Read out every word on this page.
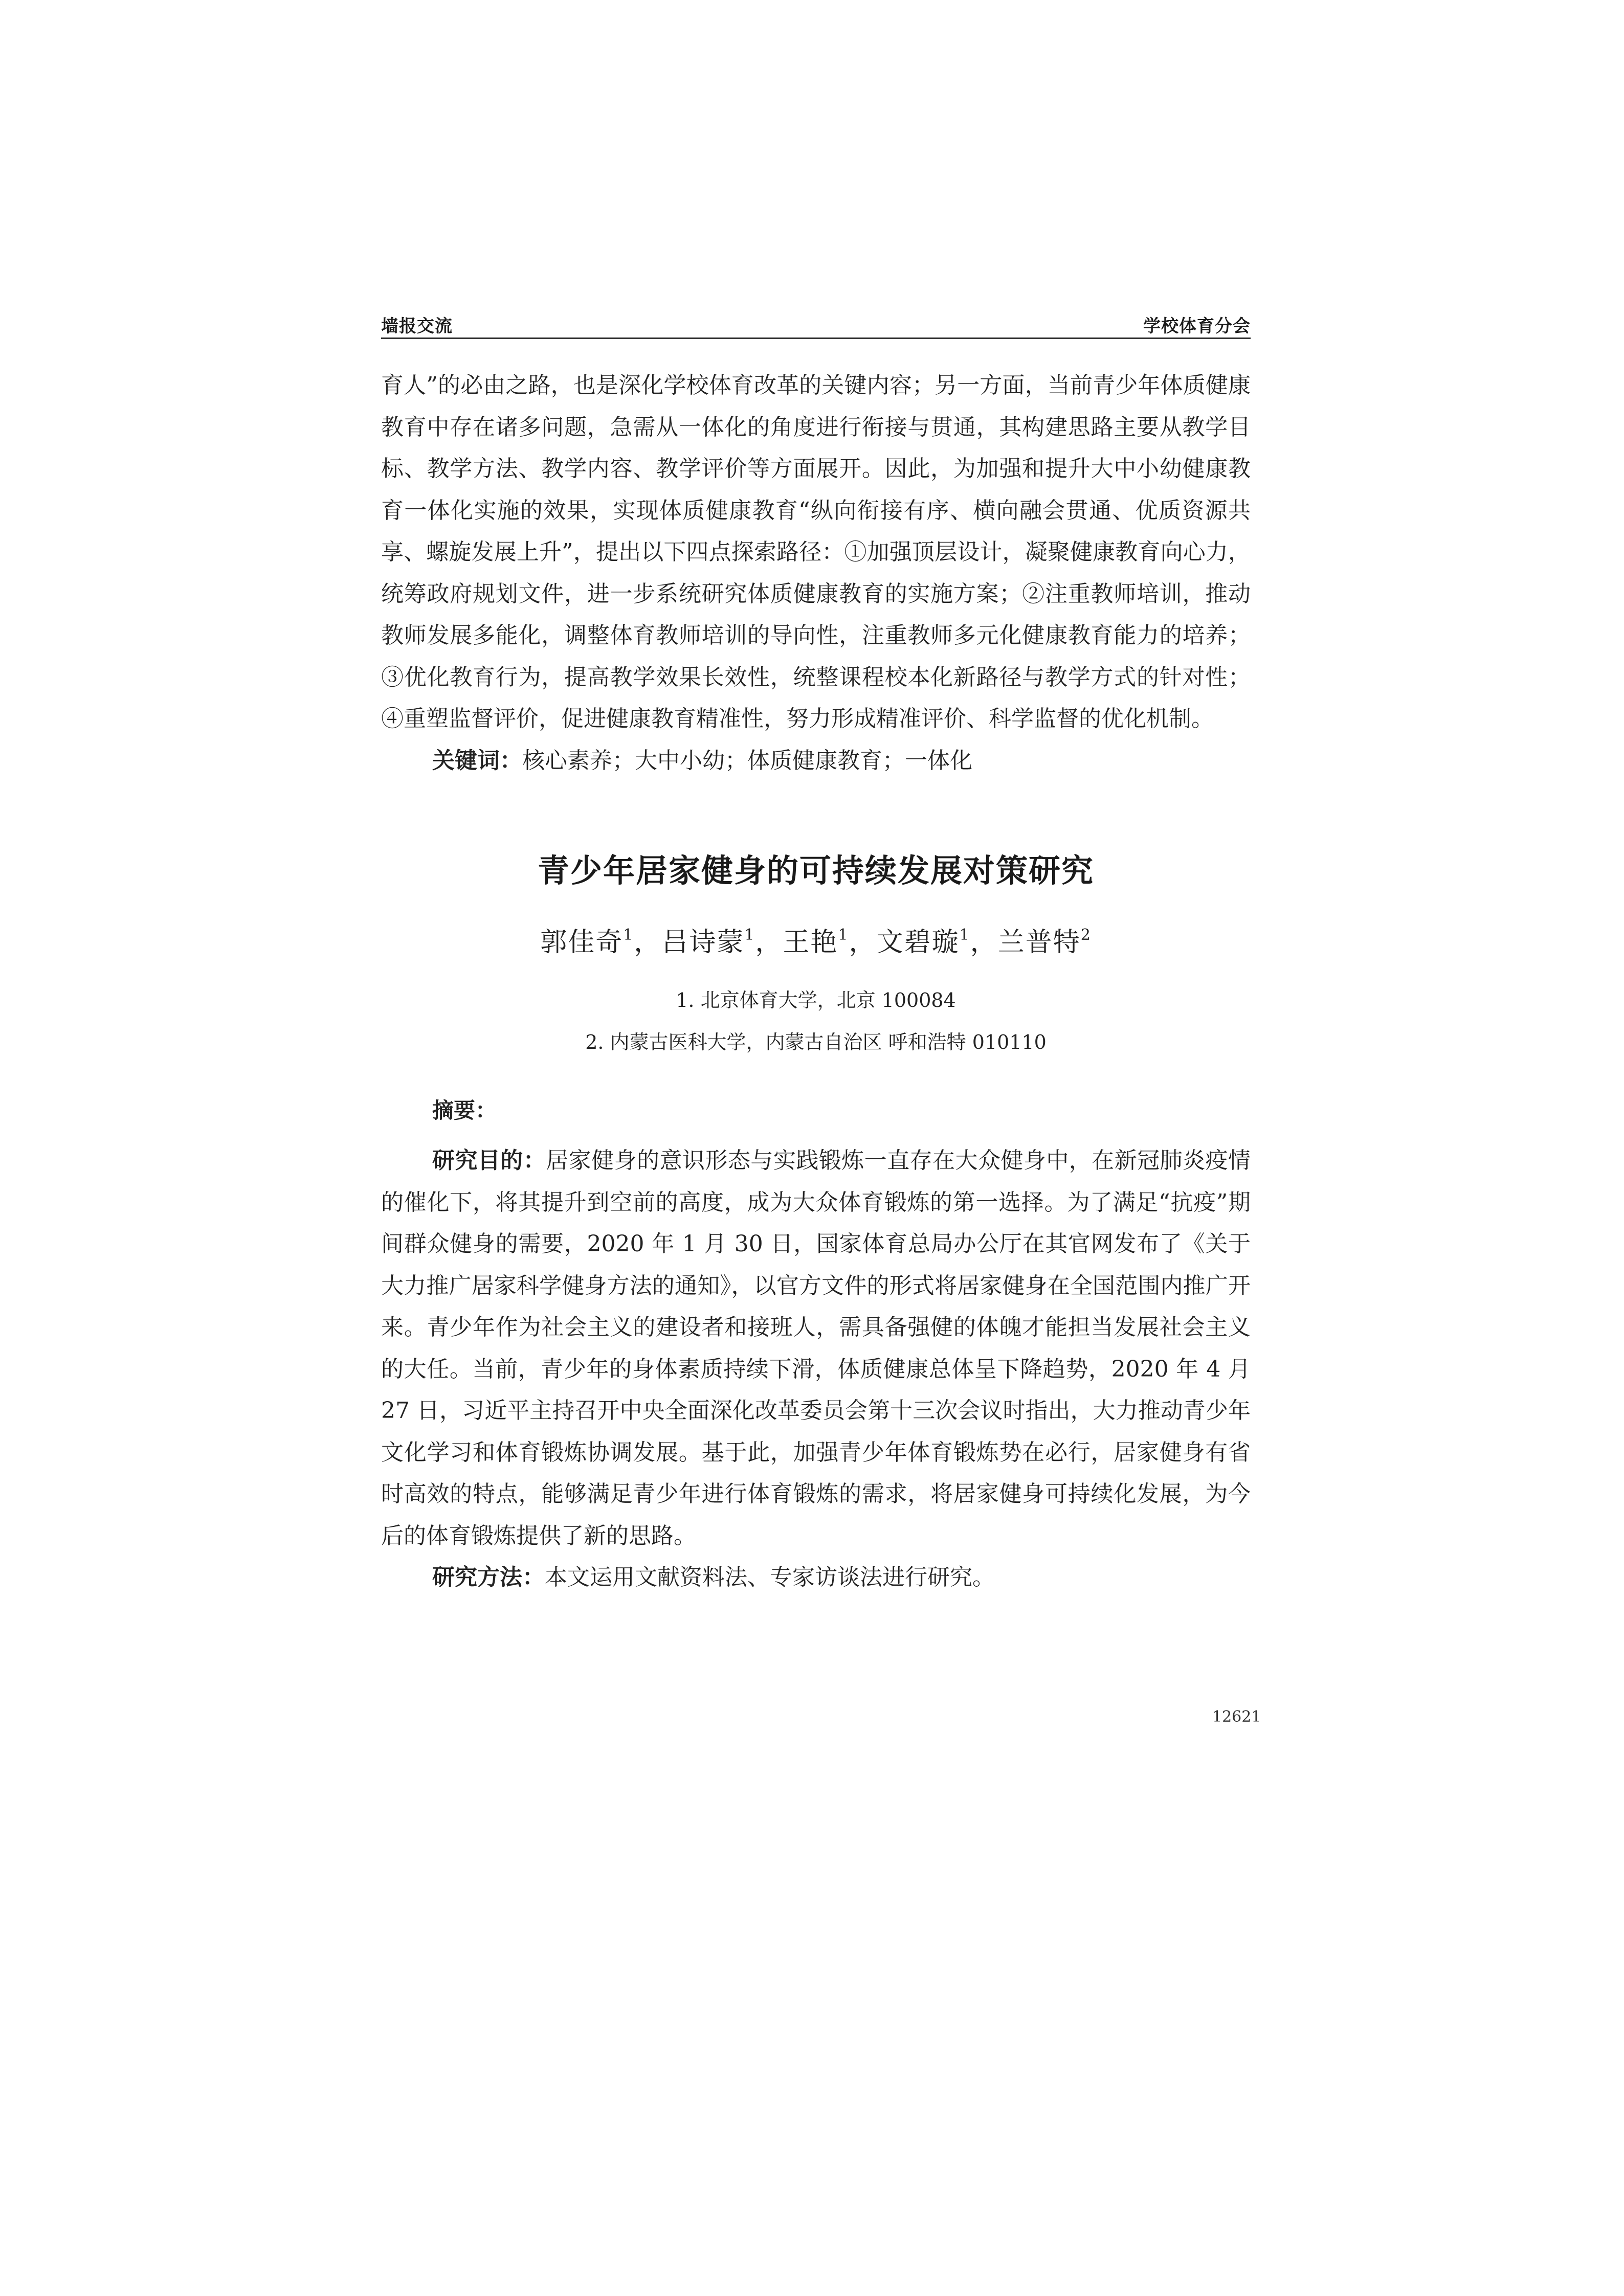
墙报交流	学校体育分会

育人”的必由之路，也是深化学校体育改革的关键内容；另一方面，当前青少年体质健康教育中存在诸多问题，急需从一体化的角度进行衔接与贯通，其构建思路主要从教学目标、教学方法、教学内容、教学评价等方面展开。因此，为加强和提升大中小幼健康教育一体化实施的效果，实现体质健康教育“纵向衔接有序、横向融会贯通、优质资源共享、螺旋发展上升”，提出以下四点探索路径：①加强顶层设计，凝聚健康教育向心力，统筹政府规划文件，进一步系统研究体质健康教育的实施方案；②注重教师培训，推动教师发展多能化，调整体育教师培训的导向性，注重教师多元化健康教育能力的培养；③优化教育行为，提高教学效果长效性，统整课程校本化新路径与教学方式的针对性；④重塑监督评价，促进健康教育精准性，努力形成精准评价、科学监督的优化机制。

关键词：核心素养；大中小幼；体质健康教育；一体化

青少年居家健身的可持续发展对策研究
郭佳奇$^1$，吕诗蒙$^1$，王艳$^1$，文碧璇$^1$，兰普特$^2$
1. 北京体育大学，北京 100084
2. 内蒙古医科大学，内蒙古自治区 呼和浩特 010110
摘要：

研究目的：居家健身的意识形态与实践锻炼一直存在大众健身中，在新冠肺炎疫情的催化下，将其提升到空前的高度，成为大众体育锻炼的第一选择。为了满足“抗疫”期间群众健身的需要，2020 年 1 月 30 日，国家体育总局办公厅在其官网发布了《关于大力推广居家科学健身方法的通知》，以官方文件的形式将居家健身在全国范围内推广开来。青少年作为社会主义的建设者和接班人，需具备强健的体魄才能担当发展社会主义的大任。当前，青少年的身体素质持续下滑，体质健康总体呈下降趋势，2020 年 4 月 27 日，习近平主持召开中央全面深化改革委员会第十三次会议时指出，大力推动青少年文化学习和体育锻炼协调发展。基于此，加强青少年体育锻炼势在必行，居家健身有省时高效的特点，能够满足青少年进行体育锻炼的需求，将居家健身可持续化发展，为今后的体育锻炼提供了新的思路。

研究方法：本文运用文献资料法、专家访谈法进行研究。

12621
